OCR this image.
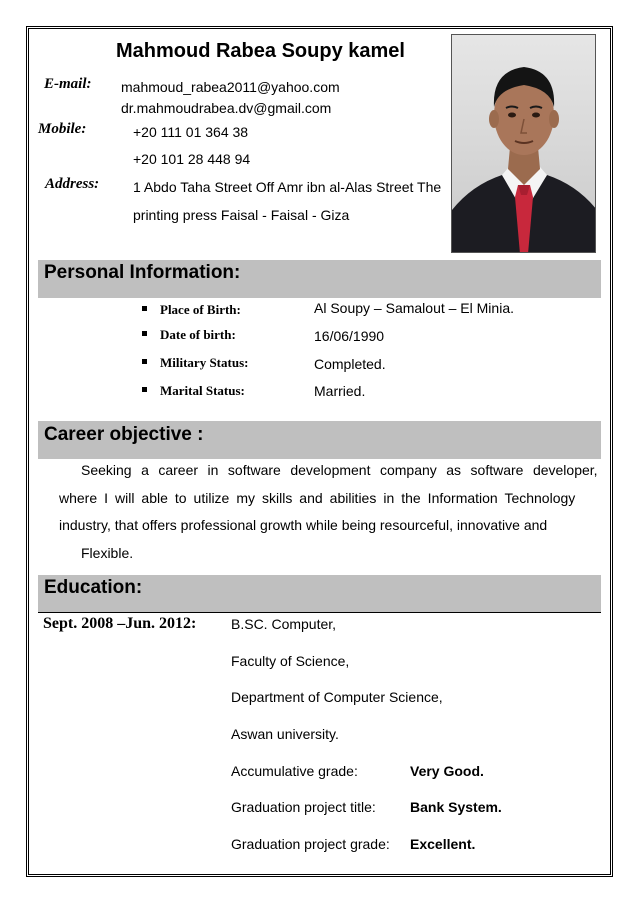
Mahmoud Rabea Soupy kamel
E-mail: mahmoud_rabea2011@yahoo.com
dr.mahmoudrabea.dv@gmail.com
Mobile:	+20 111 01 364 38
+20 101 28 448 94
Address: 1 Abdo Taha Street Off Amr ibn al-Alas Street The
printing press Faisal - Faisal - Giza
Personal Information:
Place of Birth:	Al Soupy – Samalout – El Minia.
Date of birth:	16/06/1990
Military Status:	Completed.
Marital Status:	Married.
Career objective :
Seeking a career in software development company as software developer,
where I will able to utilize my skills and abilities in the Information Technology
industry, that offers professional growth while being resourceful, innovative and
Flexible.
Education:
Sept. 2008 –Jun. 2012: B.SC. Computer,
Faculty of Science,
Department of Computer Science,
Aswan university.
Accumulative grade:	Very Good.
Graduation project title: Bank System.
Graduation project grade: Excellent.
